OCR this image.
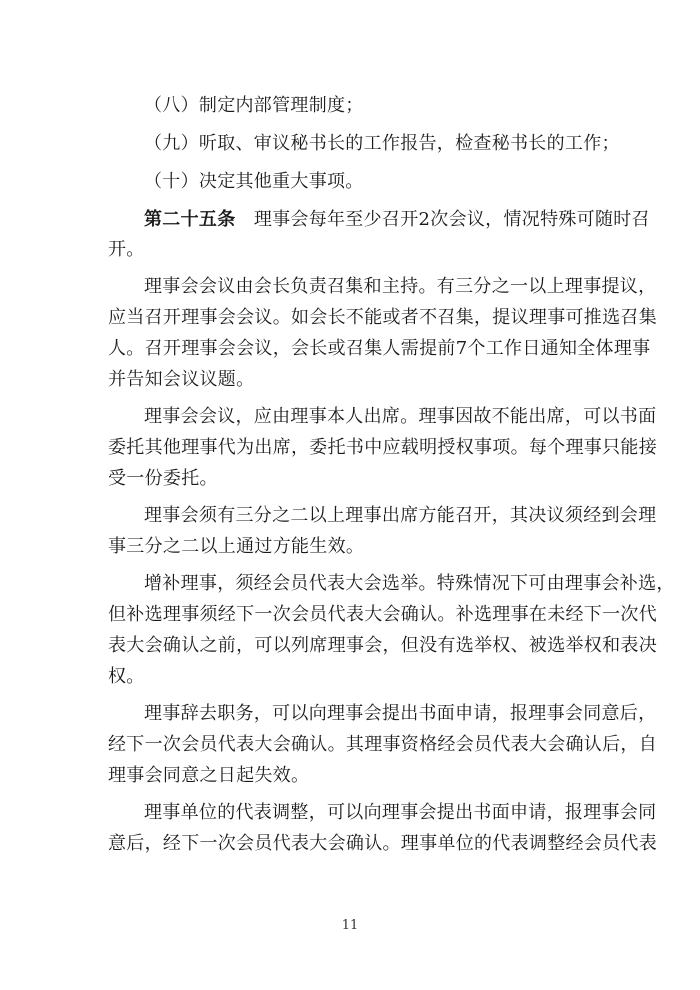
（八）制定内部管理制度；
（九）听取、审议秘书长的工作报告，检查秘书长的工作；
（十）决定其他重大事项。
第二十五条  理事会每年至少召开2次会议，情况特殊可随时召
开。
理事会会议由会长负责召集和主持。有三分之一以上理事提议，
应当召开理事会会议。如会长不能或者不召集，提议理事可推选召集
人。召开理事会会议，会长或召集人需提前7个工作日通知全体理事
并告知会议议题。
理事会会议，应由理事本人出席。理事因故不能出席，可以书面
委托其他理事代为出席，委托书中应载明授权事项。每个理事只能接
受一份委托。
理事会须有三分之二以上理事出席方能召开，其决议须经到会理
事三分之二以上通过方能生效。
增补理事，须经会员代表大会选举。特殊情况下可由理事会补选，
但补选理事须经下一次会员代表大会确认。补选理事在未经下一次代
表大会确认之前，可以列席理事会，但没有选举权、被选举权和表决
权。
理事辞去职务，可以向理事会提出书面申请，报理事会同意后，
经下一次会员代表大会确认。其理事资格经会员代表大会确认后，自
理事会同意之日起失效。
理事单位的代表调整，可以向理事会提出书面申请，报理事会同
意后，经下一次会员代表大会确认。理事单位的代表调整经会员代表
11
